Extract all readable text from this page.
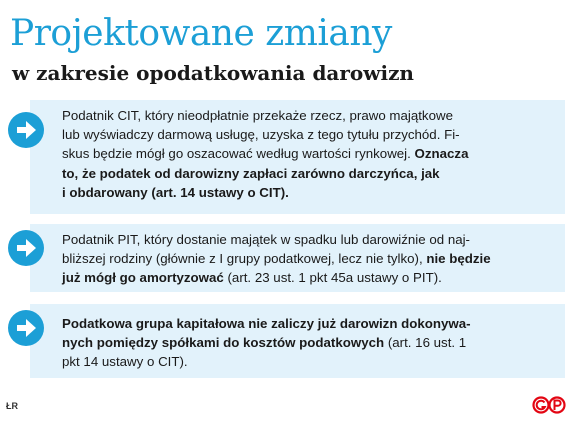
Projektowane zmiany
w zakresie opodatkowania darowizn
Podatnik CIT, który nieodpłatnie przekaże rzecz, prawo majątkowe
lub wyświadczy darmową usługę, uzyska z tego tytułu przychód. Fi-
skus będzie mógł go oszacować według wartości rynkowej. Oznacza
to, że podatek od darowizny zapłaci zarówno darczyńca, jak
i obdarowany (art. 14 ustawy o CIT).
Podatnik PIT, który dostanie majątek w spadku lub darowiźnie od naj-
bliższej rodziny (głównie z I grupy podatkowej, lecz nie tylko), nie będzie
już mógł go amortyzować (art. 23 ust. 1 pkt 45a ustawy o PIT).
Podatkowa grupa kapitałowa nie zaliczy już darowizn dokonywa-
nych pomiędzy spółkami do kosztów podatkowych (art. 16 ust. 1
pkt 14 ustawy o CIT).
ŁR
